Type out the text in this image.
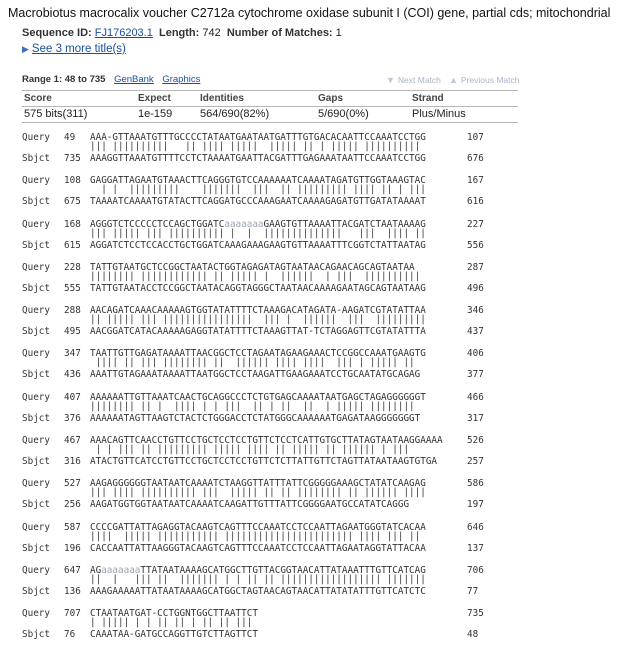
Macrobiotus macrocalix voucher C2712a cytochrome oxidase subunit I (COI) gene, partial cds; mitochondrial
Sequence ID: FJ176203.1 Length: 742 Number of Matches: 1
▶ See 3 more title(s)
Range 1: 48 to 735 GenBank Graphics	▼ Next Match ▲ Previous Match
Score	Expect	Identities	Gaps	Strand
575 bits(311)	1e-159	564/690(82%)	5/690(0%)	Plus/Minus
Query	49	AAA-GTTAAATGTTTGCCCCTATAATGAATAATGATTTGTGACACAATTCCAAATCCTGG	107
||| ||||||||||   || |||| |||||  ||||| || | ||||| ||||||||||
Sbjct	735 AAAGGTTAAATGTTTTCCTCTAAAATGAATTACGATTTGAGAAATAATTCCAAATCCTGG	676
Query	108 GAGGATTAGAATGTAAACTTCAGGGTGTCCAAAAAATCAAAATAGATGTTGGTAAAGTAC	167
| |  |||||||||    |||||||  |||  || ||||||||| |||| || | |||
Sbjct	675 TAAAATCAAAATGTATACTTCAGGATGCCCAAAGAATCAAAAGAGATGTTGATATAAAAT	616
Query	168 AGGGTCTCCCCCTCCAGCTGGATCaaaaaaaGAAGTGTTAAAATTACGATCTAATAAAAG	227
||| ||||| ||| |||||||||| |  |  ||||||||||||||   |||  |||| ||
Sbjct	615 AGGATCTCCTCCACCTGCTGGATCAAAGAAAGAAGTGTTAAAATTTCGGTCTATTAATAG	556
Query	228 TATTGTAATGCTCCGGCTAATACTGGTAGAGATAGTAATAACAGAACAGCAGTAATAA	287
|||||||| |||||||||||| || ||||| |  ||||||  | |||  ||||||||||
Sbjct	555 TATTGTAATACCTCCGGCTAATACAGGTAGGGCTAATAACAAAAGAATAGCAGTAATAAG	496
Query	288 AACAGATCAAACAAAAAGTGGTATATTTTCTAAAGACATAGATA-AAGATCGTATATTAA	346
|| ||||| ||| ||||||||||||||||  ||| |  ||||||  |||  |||||||||
Sbjct	495 AACGGATCATACAAAAAGAGGTATATTTTCTAAAGTTAT-TCTAGGAGTTCGTATATTTA	437
Query	347 TAATTGTTGAGATAAAATTAACGGCTCCTAGAATAGAAGAAACTCCGGCCAAATGAAGTG	406
|||| || ||| |||||||| ||  |||||| |||| ||||  ||| | ||||| ||
Sbjct	436 AAATTGTAGAAATAAAATTAATGGCTCCTAAGATTGAAGAAATCCTGCAATATGCAGAG	377
Query	407 AAAAAATTGTTAAATCAACTGCAGGCCCTCTGTGAGCAAAATAATGAGCTAGAGGGGGGT	466
|||||||| || |  |||| | | |||  || | ||  ||  | ||||| ||||||||
Sbjct	376 AAAAAATAGTTAAGTCTACTCTGGGACCTCTATGGGCAAAAAATGAGATAAGGGGGGGT	317
Query	467 AAACAGTTCAACCTGTTCCTGCTCCTCCTGTTCTCCTCATTGTGCTTATAGTAATAAGGAAAA	526
| | ||| || ||||||||| ||||| |||| || ||||| || |||||| | |||
Sbjct	316 ATACTGTTCATCCTGTTCCTGCTCCTCCTGTTCTCTTATTGTTCTAGTTATAATAAGTGTGA	257
Query	527 AAGAGGGGGGTAATAATCAAAATCTAAGGTTATTTATTCGGGGGAAAGCTATATCAAGAG	586
||| |||| |||||||||| |||  ||||| || || |||||||| || |||||| ||||
Sbjct	256 AAGATGGTGGTAATAATCAAAATCAAGATTGTTTATTCGGGGAATGCCATATCAGGG	197
Query	587 CCCCGATTATTAGAGGTACAAGTCAGTTTCCAAATCCTCCAATTAGAATGGGTATCACAA	646
||||  ||||| ||||||||||| ||||||||||||||||||||||| |||| ||| ||
Sbjct	196 CACCAATTATTAAGGGTACAAGTCAGTTTCCAAATCCTCCAATTAGAATAGGTATTACAA	137
Query	647 AGaaaaaaaTTATAATAAAAGCATGGCTTGTTACGGTAACATTATAAATTTGTTCATCAG	706
||  |   ||| ||  ||||||| | | || || |||||||||||||||||| |||||||
Sbjct	136 AAAGAAAAATTATAATAAAAGCATGGCTAGTAACAGTAACATTATATATTTGTTCATCTC	77
Query	707 CTAATAATGAT-CCTGGNTGGCTTAATTCT	735
| ||||| | | || || | || || |||
Sbjct	76	CAAATAA-GATGCCAGGTTGTCTTAGTTCT	48
